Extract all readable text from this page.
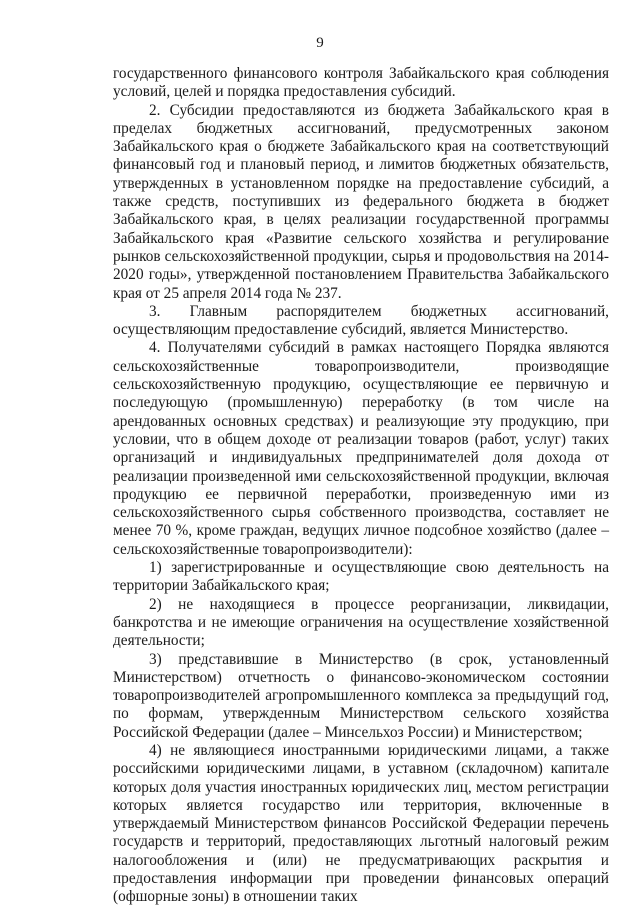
9

государственного финансового контроля Забайкальского края соблюдения условий, целей и порядка предоставления субсидий.

2. Субсидии предоставляются из бюджета Забайкальского края в пределах бюджетных ассигнований, предусмотренных законом Забайкальского края о бюджете Забайкальского края на соответствующий финансовый год и плановый период, и лимитов бюджетных обязательств, утвержденных в установленном порядке на предоставление субсидий, а также средств, поступивших из федерального бюджета в бюджет Забайкальского края, в целях реализации государственной программы Забайкальского края «Развитие сельского хозяйства и регулирование рынков сельскохозяйственной продукции, сырья и продовольствия на 2014-2020 годы», утвержденной постановлением Правительства Забайкальского края от 25 апреля 2014 года № 237.

3. Главным распорядителем бюджетных ассигнований, осуществляющим предоставление субсидий, является Министерство.

4. Получателями субсидий в рамках настоящего Порядка являются сельскохозяйственные товаропроизводители, производящие сельскохозяйственную продукцию, осуществляющие ее первичную и последующую (промышленную) переработку (в том числе на арендованных основных средствах) и реализующие эту продукцию, при условии, что в общем доходе от реализации товаров (работ, услуг) таких организаций и индивидуальных предпринимателей доля дохода от реализации произведенной ими сельскохозяйственной продукции, включая продукцию ее первичной переработки, произведенную ими из сельскохозяйственного сырья собственного производства, составляет не менее 70 %, кроме граждан, ведущих личное подсобное хозяйство (далее – сельскохозяйственные товаропроизводители):

1) зарегистрированные и осуществляющие свою деятельность на территории Забайкальского края;

2) не находящиеся в процессе реорганизации, ликвидации, банкротства и не имеющие ограничения на осуществление хозяйственной деятельности;

3) представившие в Министерство (в срок, установленный Министерством) отчетность о финансово-экономическом состоянии товаропроизводителей агропромышленного комплекса за предыдущий год, по формам, утвержденным Министерством сельского хозяйства Российской Федерации (далее – Минсельхоз России) и Министерством;

4) не являющиеся иностранными юридическими лицами, а также российскими юридическими лицами, в уставном (складочном) капитале которых доля участия иностранных юридических лиц, местом регистрации которых является государство или территория, включенные в утверждаемый Министерством финансов Российской Федерации перечень государств и территорий, предоставляющих льготный налоговый режим налогообложения и (или) не предусматривающих раскрытия и предоставления информации при проведении финансовых операций (офшорные зоны) в отношении таких
